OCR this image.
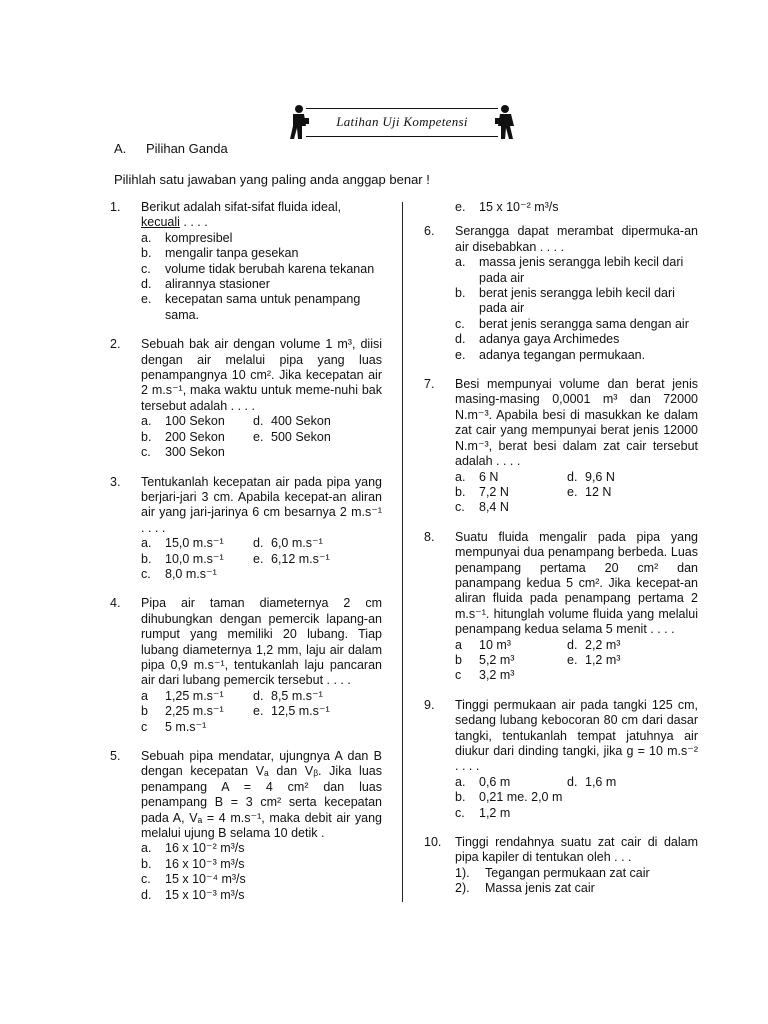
Latihan Uji Kompetensi
A. Pilihan Ganda
Pilihlah satu jawaban yang paling anda anggap benar !
1.	Berikut adalah sifat-sifat fluida ideal,
kecuali . . . .
a.	kompresibel
b.	mengalir tanpa gesekan
c.	volume tidak berubah karena tekanan
d.	alirannya stasioner
e.	kecepatan sama untuk penampang sama.
2.	Sebuah bak air dengan volume 1 m³, diisi dengan air melalui pipa yang luas penampangnya 10 cm². Jika kecepatan air 2 m.s⁻¹, maka waktu untuk meme-nuhi bak tersebut adalah . . . .
a.	100 Sekon d. 400 Sekon
b.	200 Sekon e. 500 Sekon
c.	300 Sekon
3.	Tentukanlah kecepatan air pada pipa yang berjari-jari 3 cm. Apabila kecepat-an aliran air yang jari-jarinya 6 cm besarnya 2 m.s⁻¹ . . . .
a.	15,0 m.s⁻¹ d. 6,0 m.s⁻¹
b.	10,0 m.s⁻¹ e. 6,12 m.s⁻¹
c.	8,0 m.s⁻¹
4.	Pipa air taman diameternya 2 cm dihubungkan dengan pemercik lapang-an rumput yang memiliki 20 lubang. Tiap lubang diameternya 1,2 mm, laju air dalam pipa 0,9 m.s⁻¹, tentukanlah laju pancaran air dari lubang pemercik tersebut . . . .
a	1,25 m.s⁻¹ d. 8,5 m.s⁻¹
b	2,25 m.s⁻¹ e. 12,5 m.s⁻¹
c	5 m.s⁻¹
5.	Sebuah pipa mendatar, ujungnya A dan B dengan kecepatan Vₐ dan Vᵦ. Jika luas penampang A = 4 cm² dan luas penampang B = 3 cm² serta kecepatan pada A, Vₐ = 4 m.s⁻¹, maka debit air yang melalui ujung B selama 10 detik .
a.	16 x 10⁻² m³/s
b.	16 x 10⁻³ m³/s
c.	15 x 10⁻⁴ m³/s
d.	15 x 10⁻³ m³/s
e.	15 x 10⁻² m³/s
6.	Serangga dapat merambat dipermuka-an air disebabkan . . . .
a.	massa jenis serangga lebih kecil dari pada air
b.	berat jenis serangga lebih kecil dari pada air
c.	berat jenis serangga sama dengan air
d.	adanya gaya Archimedes
e.	adanya tegangan permukaan.
7.	Besi mempunyai volume dan berat jenis masing-masing 0,0001 m³ dan 72000 N.m⁻³. Apabila besi di masukkan ke dalam zat cair yang mempunyai berat jenis 12000 N.m⁻³, berat besi dalam zat cair tersebut adalah . . . .
a.	6 N	d. 9,6 N
b.	7,2 N	e. 12 N
c.	8,4 N
8.	Suatu fluida mengalir pada pipa yang mempunyai dua penampang berbeda. Luas penampang pertama 20 cm² dan panampang kedua 5 cm². Jika kecepat-an aliran fluida pada penampang pertama 2 m.s⁻¹. hitunglah volume fluida yang melalui penampang kedua selama 5 menit . . . .
a	10 m³	d. 2,2 m³
b	5,2 m³	e. 1,2 m³
c	3,2 m³
9.	Tinggi permukaan air pada tangki 125 cm, sedang lubang kebocoran 80 cm dari dasar tangki, tentukanlah tempat jatuhnya air diukur dari dinding tangki, jika g = 10 m.s⁻² . . . .
a.	0,6 m	d. 1,6 m
b.	0,21 me. 2,0 m
c.	1,2 m
10.	Tinggi rendahnya suatu zat cair di dalam pipa kapiler di tentukan oleh . . .
1).	Tegangan permukaan zat cair
2).	Massa jenis zat cair
